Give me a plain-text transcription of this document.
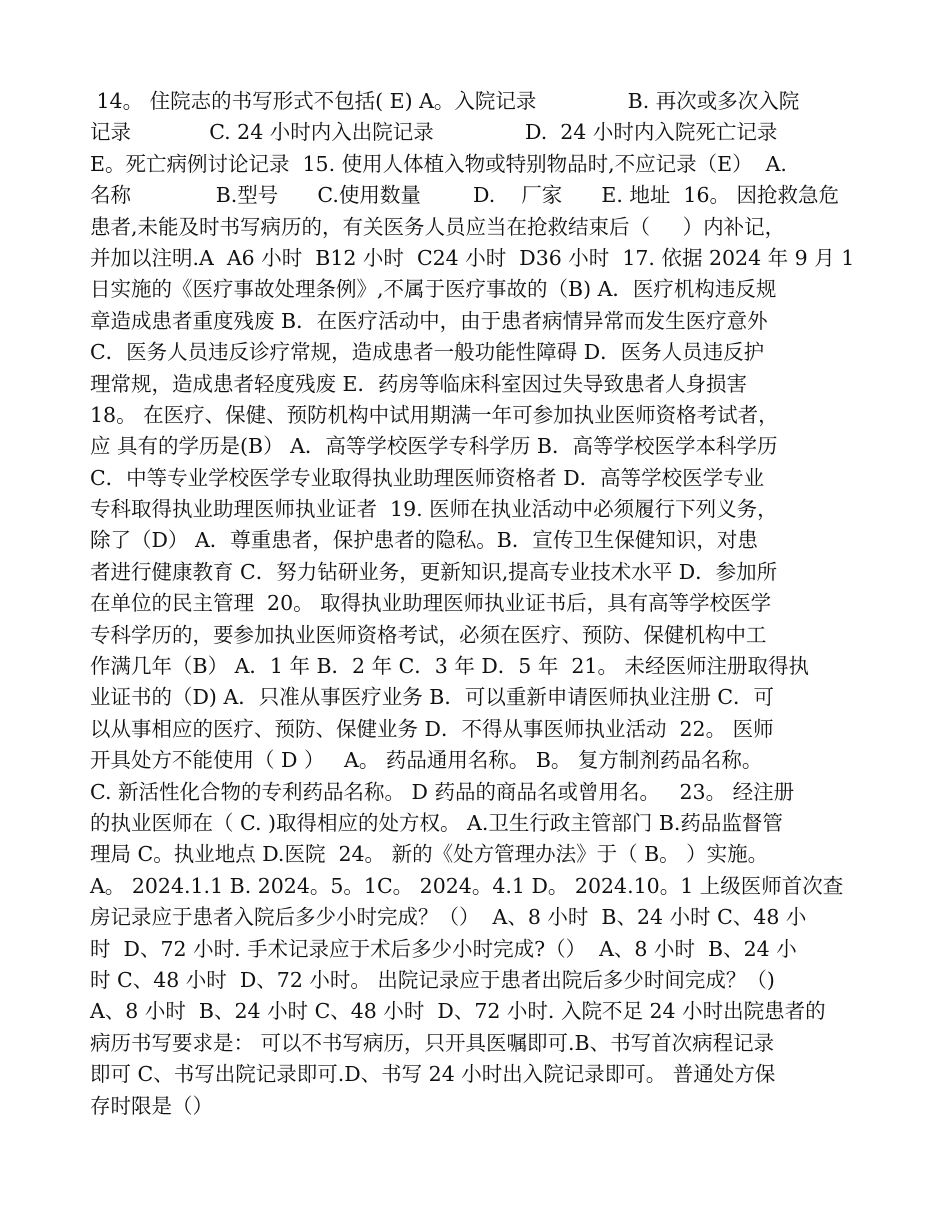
14。 住院志的书写形式不包括( E) A。入院记录              B. 再次或多次入院
记录            C. 24 小时内入出院记录              D.  24 小时内入院死亡记录
E。死亡病例讨论记录  15. 使用人体植入物或特别物品时,不应记录（E）  A.
名称             B.型号      C.使用数量        D.    厂家      E. 地址  16。 因抢救急危
患者,未能及时书写病历的，有关医务人员应当在抢救结束后（     ）内补记，
并加以注明.A  A6 小时  B12 小时  C24 小时  D36 小时  17. 依据 2024 年 9 月 1
日实施的《医疗事故处理条例》,不属于医疗事故的（B) A．医疗机构违反规
章造成患者重度残废 B．在医疗活动中，由于患者病情异常而发生医疗意外
C．医务人员违反诊疗常规，造成患者一般功能性障碍 D．医务人员违反护
理常规，造成患者轻度残废 E．药房等临床科室因过失导致患者人身损害
18。 在医疗、保健、预防机构中试用期满一年可参加执业医师资格考试者，
应 具有的学历是(B） A．高等学校医学专科学历 B．高等学校医学本科学历
C．中等专业学校医学专业取得执业助理医师资格者 D．高等学校医学专业
专科取得执业助理医师执业证者  19. 医师在执业活动中必须履行下列义务，
除了（D） A．尊重患者，保护患者的隐私。B．宣传卫生保健知识，对患
者进行健康教育 C．努力钻研业务，更新知识,提高专业技术水平 D．参加所
在单位的民主管理  20。 取得执业助理医师执业证书后，具有高等学校医学
专科学历的，要参加执业医师资格考试，必须在医疗、预防、保健机构中工
作满几年（B） A．1 年 B．2 年 C．3 年 D．5 年  21。 未经医师注册取得执
业证书的（D) A．只准从事医疗业务 B．可以重新申请医师执业注册 C．可
以从事相应的医疗、预防、保健业务 D．不得从事医师执业活动  22。 医师
开具处方不能使用（ D ）   A。 药品通用名称。 B。 复方制剂药品名称。
C. 新活性化合物的专利药品名称。 D 药品的商品名或曾用名。   23。 经注册
的执业医师在（ C. )取得相应的处方权。 A.卫生行政主管部门 B.药品监督管
理局 C。执业地点 D.医院  24。 新的《处方管理办法》于（ B。 ）实施。
A。 2024.1.1 B. 2024。5。1C。 2024。4.1 D。 2024.10。1 上级医师首次查
房记录应于患者入院后多少小时完成？（）  A、8 小时  B、24 小时 C、48 小
时  D、72 小时. 手术记录应于术后多少小时完成?（）  A、8 小时  B、24 小
时 C、48 小时  D、72 小时。 出院记录应于患者出院后多少时间完成？（)
A、8 小时  B、24 小时 C、48 小时  D、72 小时. 入院不足 24 小时出院患者的
病历书写要求是： 可以不书写病历，只开具医嘱即可.B、书写首次病程记录
即可 C、书写出院记录即可.D、书写 24 小时出入院记录即可。 普通处方保
存时限是（）
